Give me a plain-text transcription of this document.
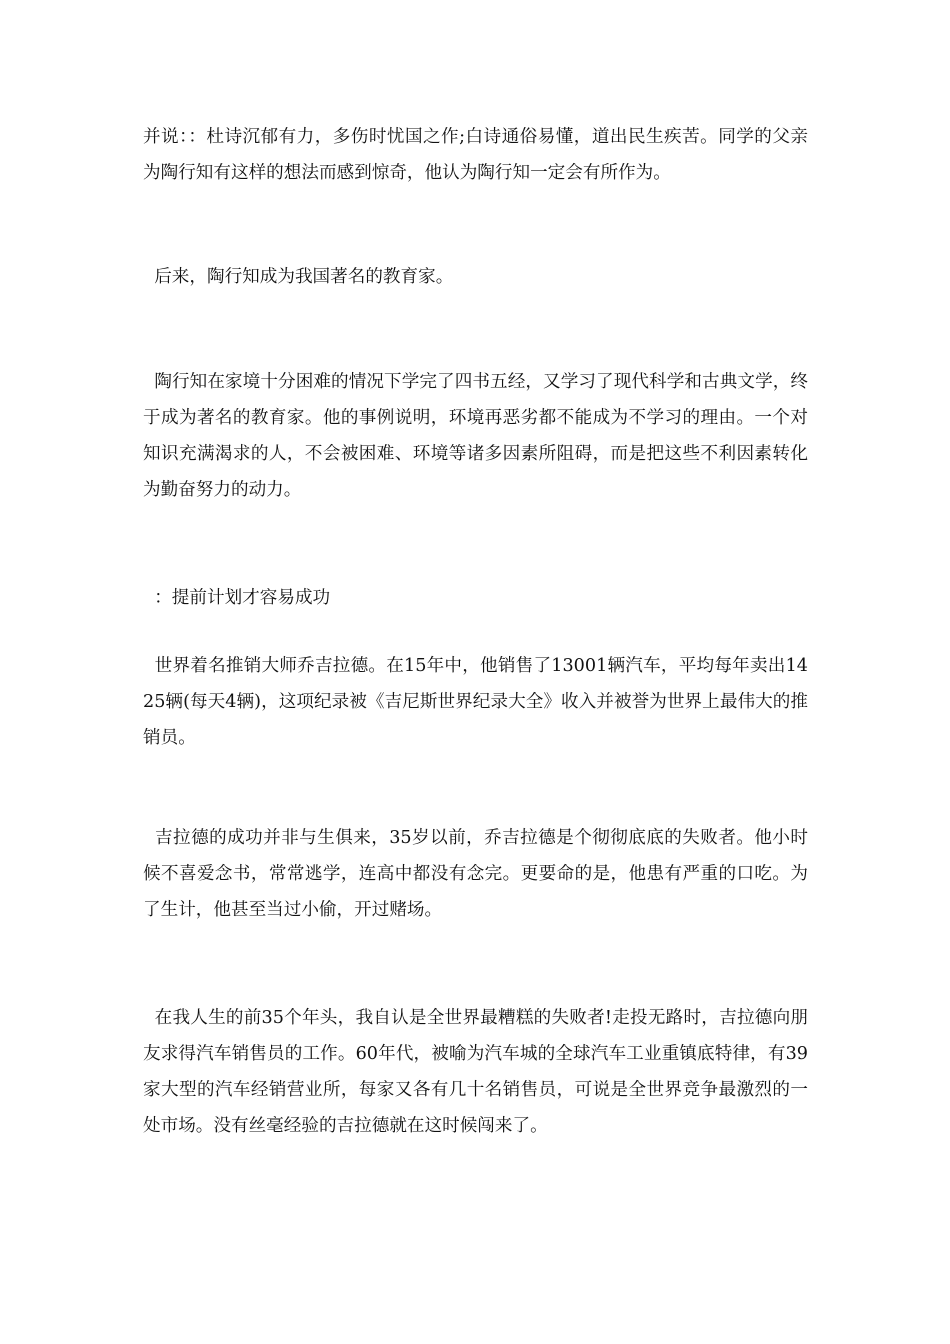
并说：：杜诗沉郁有力，多伤时忧国之作;白诗通俗易懂，道出民生疾苦。同学的父亲为陶行知有这样的想法而感到惊奇，他认为陶行知一定会有所作为。

后来，陶行知成为我国著名的教育家。

陶行知在家境十分困难的情况下学完了四书五经，又学习了现代科学和古典文学，终于成为著名的教育家。他的事例说明，环境再恶劣都不能成为不学习的理由。一个对知识充满渴求的人，不会被困难、环境等诸多因素所阻碍，而是把这些不利因素转化为勤奋努力的动力。

：提前计划才容易成功

世界着名推销大师乔吉拉德。在15年中，他销售了13001辆汽车，平均每年卖出1425辆(每天4辆)，这项纪录被《吉尼斯世界纪录大全》收入并被誉为世界上最伟大的推销员。

吉拉德的成功并非与生俱来，35岁以前，乔吉拉德是个彻彻底底的失败者。他小时候不喜爱念书，常常逃学，连高中都没有念完。更要命的是，他患有严重的口吃。为了生计，他甚至当过小偷，开过赌场。

在我人生的前35个年头，我自认是全世界最糟糕的失败者!走投无路时，吉拉德向朋友求得汽车销售员的工作。60年代，被喻为汽车城的全球汽车工业重镇底特律，有39家大型的汽车经销营业所，每家又各有几十名销售员，可说是全世界竞争最激烈的一处市场。没有丝毫经验的吉拉德就在这时候闯来了。
